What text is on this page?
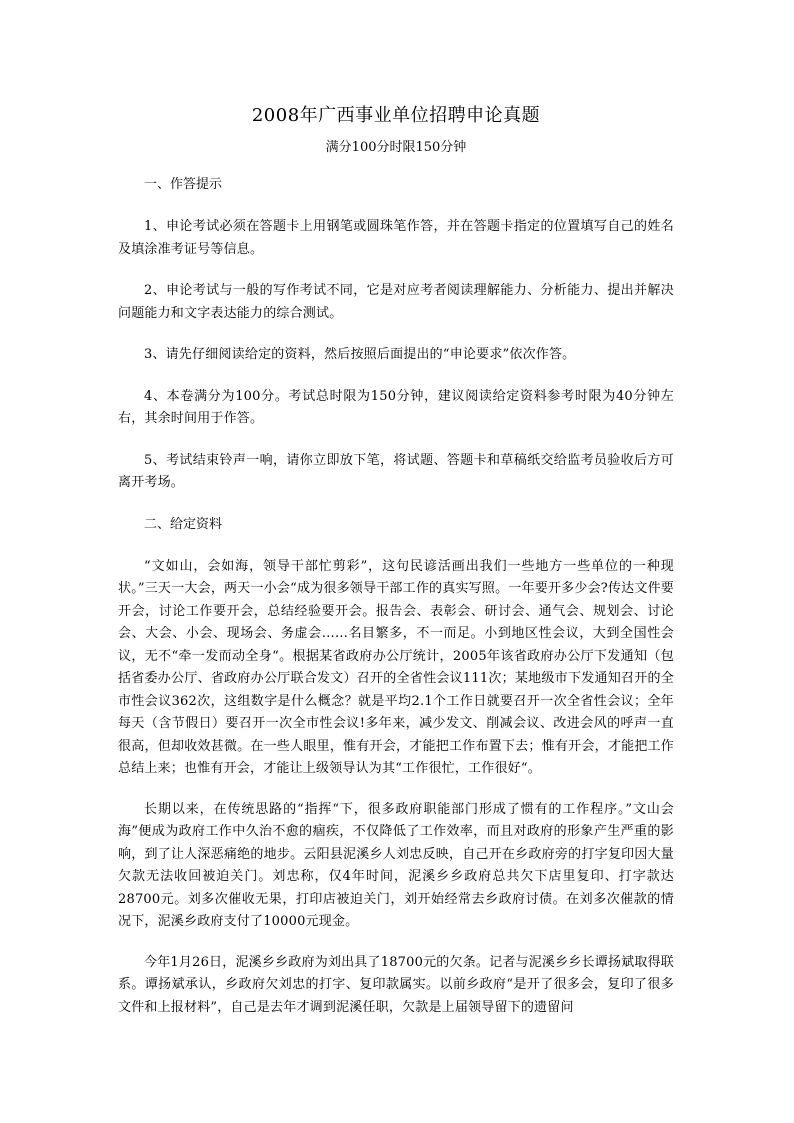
2008年广西事业单位招聘申论真题
满分100分时限150分钟
一、作答提示

1、申论考试必须在答题卡上用钢笔或圆珠笔作答，并在答题卡指定的位置填写自己的姓名及填涂准考证号等信息。

2、申论考试与一般的写作考试不同，它是对应考者阅读理解能力、分析能力、提出并解决问题能力和文字表达能力的综合测试。

3、请先仔细阅读给定的资料，然后按照后面提出的“申论要求”依次作答。

4、本卷满分为100分。考试总时限为150分钟，建议阅读给定资料参考时限为40分钟左右，其余时间用于作答。

5、考试结束铃声一响，请你立即放下笔，将试题、答题卡和草稿纸交给监考员验收后方可离开考场。

二、给定资料

“文如山，会如海，领导干部忙剪彩”，这句民谚活画出我们一些地方一些单位的一种现状。”三天一大会，两天一小会“成为很多领导干部工作的真实写照。一年要开多少会?传达文件要开会，讨论工作要开会，总结经验要开会。报告会、表彰会、研讨会、通气会、规划会、讨论会、大会、小会、现场会、务虚会……名目繁多，不一而足。小到地区性会议，大到全国性会议，无不“牵一发而动全身“。根据某省政府办公厅统计，2005年该省政府办公厅下发通知（包括省委办公厅、省政府办公厅联合发文）召开的全省性会议111次；某地级市下发通知召开的全市性会议362次，这组数字是什么概念？就是平均2.1个工作日就要召开一次全省性会议；全年每天（含节假日）要召开一次全市性会议!多年来，减少发文、削减会议、改进会风的呼声一直很高，但却收效甚微。在一些人眼里，惟有开会，才能把工作布置下去；惟有开会，才能把工作总结上来；也惟有开会，才能让上级领导认为其“工作很忙，工作很好“。

长期以来，在传统思路的“指挥“下，很多政府职能部门形成了惯有的工作程序。”文山会海”便成为政府工作中久治不愈的痼疾，不仅降低了工作效率，而且对政府的形象产生严重的影响，到了让人深恶痛绝的地步。云阳县泥溪乡人刘忠反映，自己开在乡政府旁的打字复印因大量欠款无法收回被迫关门。刘忠称，仅4年时间，泥溪乡乡政府总共欠下店里复印、打字款达28700元。刘多次催收无果，打印店被迫关门，刘开始经常去乡政府讨债。在刘多次催款的情况下，泥溪乡政府支付了10000元现金。

今年1月26日，泥溪乡乡政府为刘出具了18700元的欠条。记者与泥溪乡乡长谭扬斌取得联系。谭扬斌承认，乡政府欠刘忠的打字、复印款属实。以前乡政府“是开了很多会，复印了很多文件和上报材料”，自己是去年才调到泥溪任职，欠款是上届领导留下的遗留问
